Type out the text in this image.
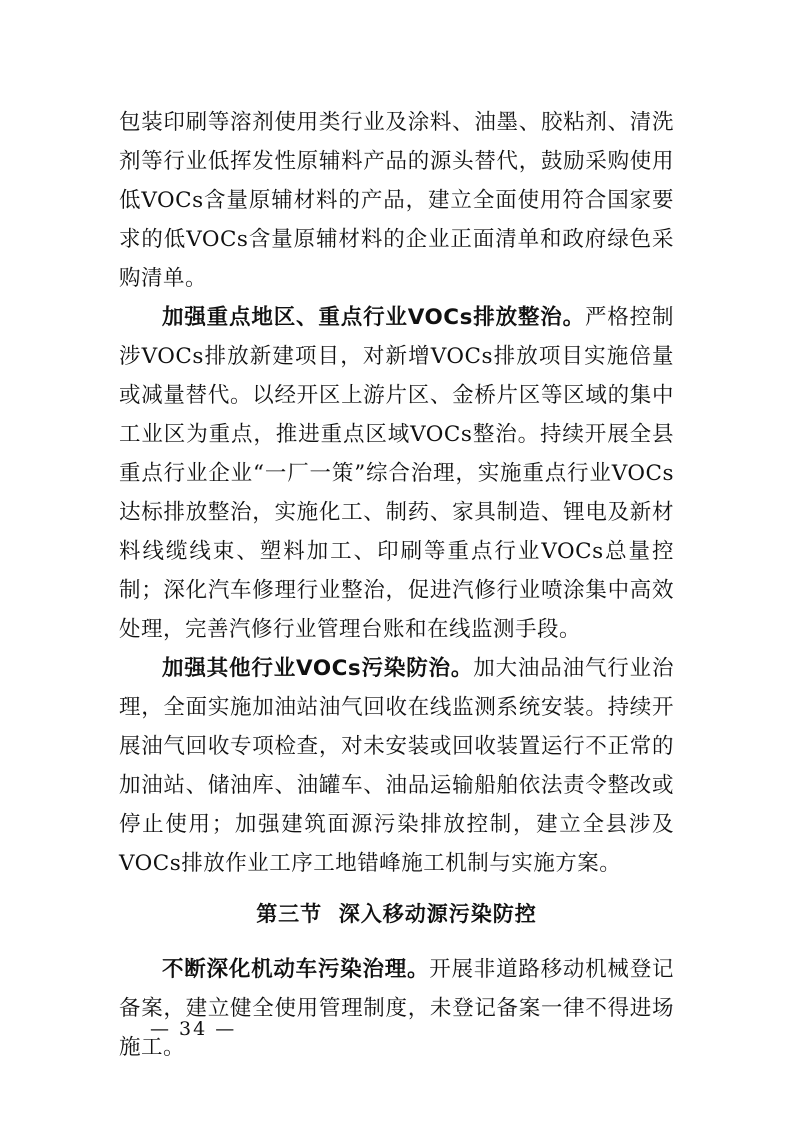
包装印刷等溶剂使用类行业及涂料、油墨、胶粘剂、清洗剂等行业低挥发性原辅料产品的源头替代，鼓励采购使用低VOCs含量原辅材料的产品，建立全面使用符合国家要求的低VOCs含量原辅材料的企业正面清单和政府绿色采购清单。

加强重点地区、重点行业VOCs排放整治。严格控制涉VOCs排放新建项目，对新增VOCs排放项目实施倍量或减量替代。以经开区上游片区、金桥片区等区域的集中工业区为重点，推进重点区域VOCs整治。持续开展全县重点行业企业“一厂一策”综合治理，实施重点行业VOCs达标排放整治，实施化工、制药、家具制造、锂电及新材料线缆线束、塑料加工、印刷等重点行业VOCs总量控制；深化汽车修理行业整治，促进汽修行业喷涂集中高效处理，完善汽修行业管理台账和在线监测手段。

加强其他行业VOCs污染防治。加大油品油气行业治理，全面实施加油站油气回收在线监测系统安装。持续开展油气回收专项检查，对未安装或回收装置运行不正常的加油站、储油库、油罐车、油品运输船舶依法责令整改或停止使用；加强建筑面源污染排放控制，建立全县涉及VOCs排放作业工序工地错峰施工机制与实施方案。

第三节  深入移动源污染防控

不断深化机动车污染治理。开展非道路移动机械登记备案，建立健全使用管理制度，未登记备案一律不得进场施工。

— 34 —
